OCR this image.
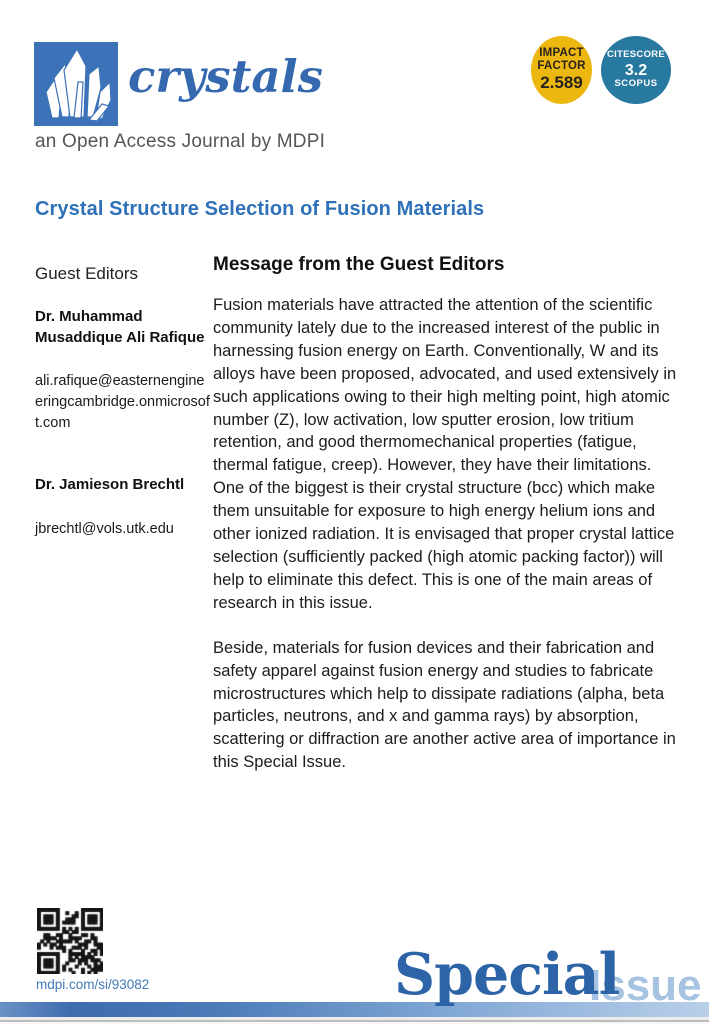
crystals
an Open Access Journal by MDPI
IMPACT
FACTOR
2.589
CITESCORE
3.2
SCOPUS
Crystal Structure Selection of Fusion Materials
Guest Editors
Dr. Muhammad Musaddique Ali Rafique
ali.rafique@easternengineeringcambridge.onmicrosoft.com
Dr. Jamieson Brechtl
jbrechtl@vols.utk.edu
Message from the Guest Editors

Fusion materials have attracted the attention of the scientific community lately due to the increased interest of the public in harnessing fusion energy on Earth. Conventionally, W and its alloys have been proposed, advocated, and used extensively in such applications owing to their high melting point, high atomic number (Z), low activation, low sputter erosion, low tritium retention, and good thermomechanical properties (fatigue, thermal fatigue, creep). However, they have their limitations. One of the biggest is their crystal structure (bcc) which make them unsuitable for exposure to high energy helium ions and other ionized radiation. It is envisaged that proper crystal lattice selection (sufficiently packed (high atomic packing factor)) will help to eliminate this defect. This is one of the main areas of research in this issue.

Beside, materials for fusion devices and their fabrication and safety apparel against fusion energy and studies to fabricate microstructures which help to dissipate radiations (alpha, beta particles, neutrons, and x and gamma rays) by absorption, scattering or diffraction are another active area of importance in this Special Issue.

mdpi.com/si/93082	Issue
Special
